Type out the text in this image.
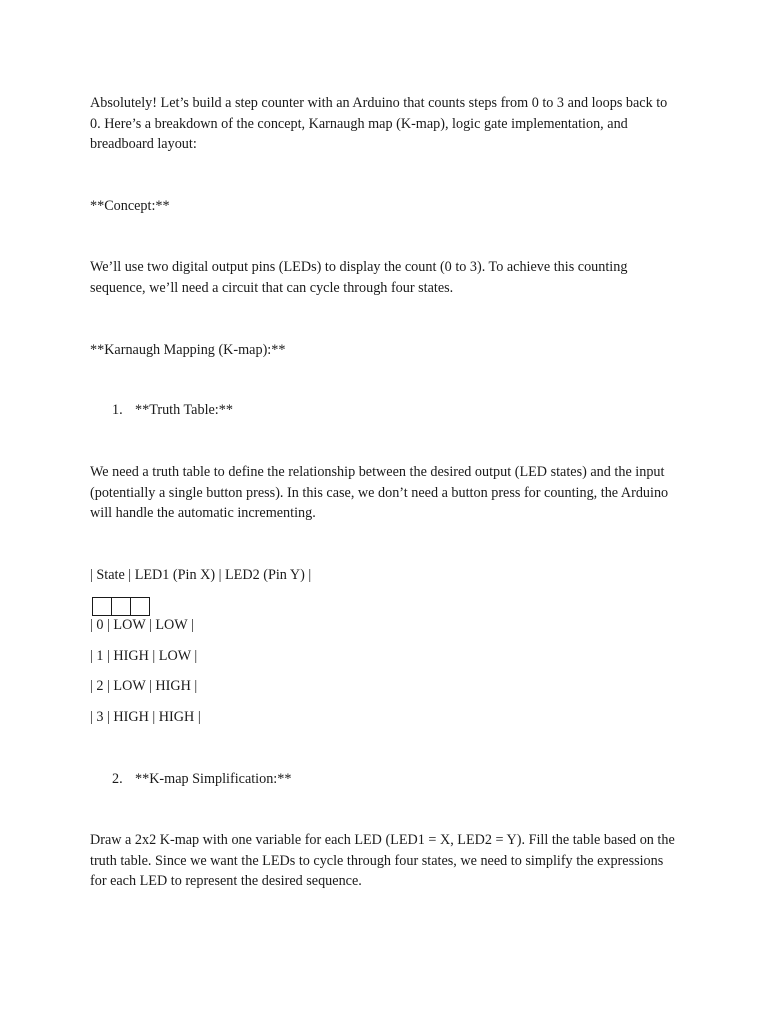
Absolutely! Let’s build a step counter with an Arduino that counts steps from 0 to 3 and loops back to 0. Here’s a breakdown of the concept, Karnaugh map (K-map), logic gate implementation, and breadboard layout:

**Concept:**

We’ll use two digital output pins (LEDs) to display the count (0 to 3). To achieve this counting sequence, we’ll need a circuit that can cycle through four states.

**Karnaugh Mapping (K-map):**

1. **Truth Table:**

We need a truth table to define the relationship between the desired output (LED states) and the input (potentially a single button press). In this case, we don’t need a button press for counting, the Arduino will handle the automatic incrementing.

| State | LED1 (Pin X) | LED2 (Pin Y) |

| 0 | LOW | LOW |

| 1 | HIGH | LOW |

| 2 | LOW | HIGH |

| 3 | HIGH | HIGH |

2. **K-map Simplification:**

Draw a 2x2 K-map with one variable for each LED (LED1 = X, LED2 = Y). Fill the table based on the truth table. Since we want the LEDs to cycle through four states, we need to simplify the expressions for each LED to represent the desired sequence.
